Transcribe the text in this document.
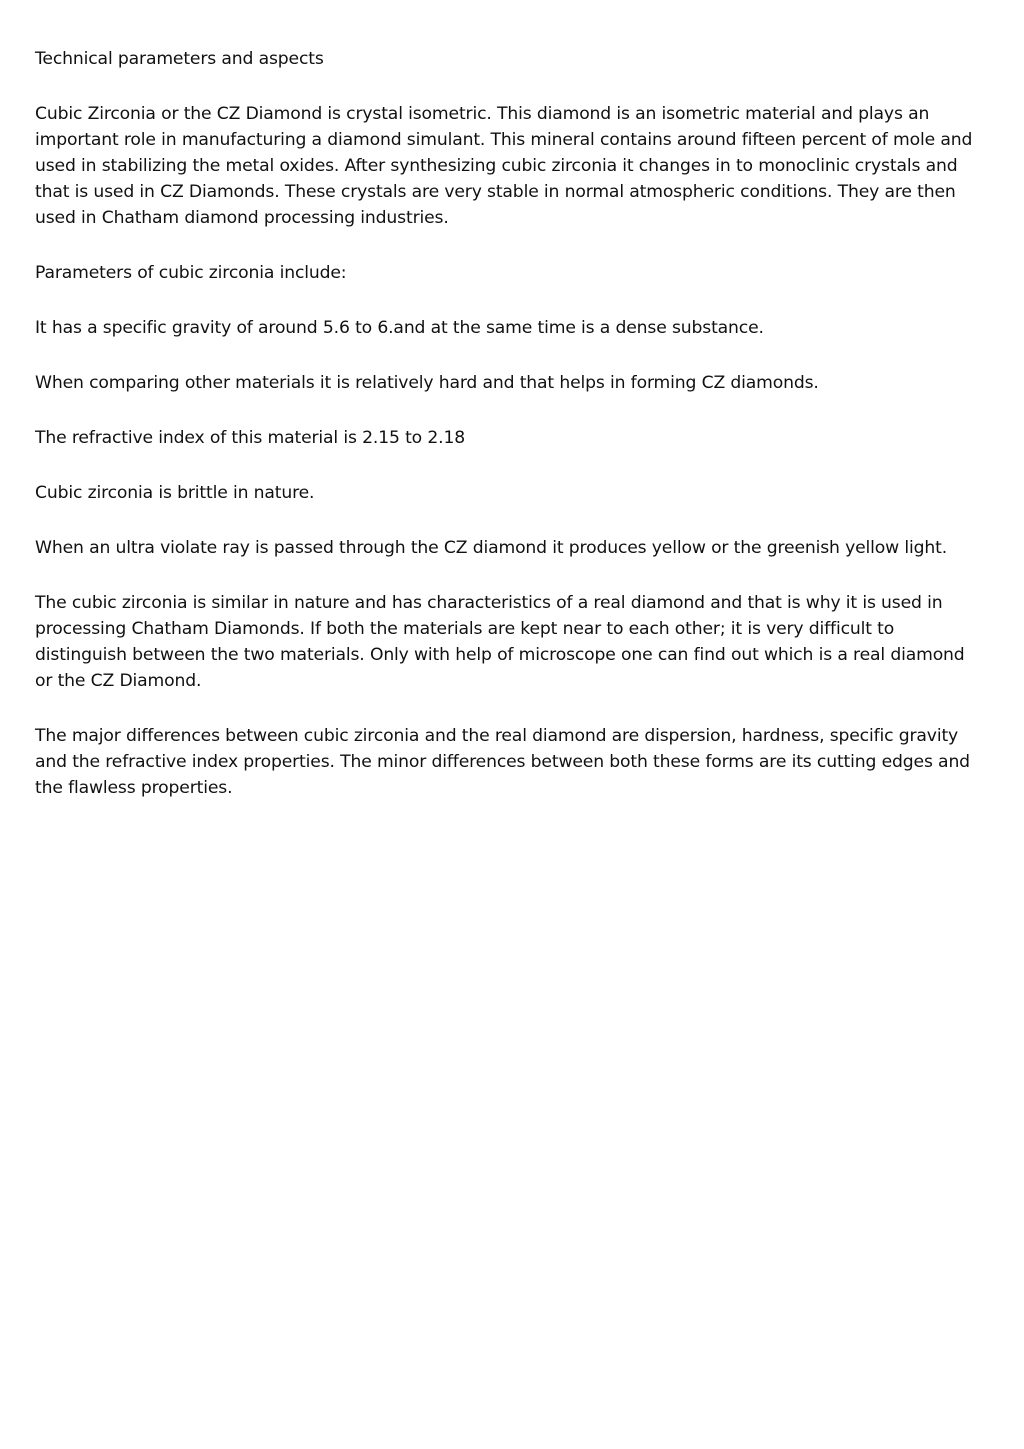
Technical parameters and aspects

Cubic Zirconia or the CZ Diamond is crystal isometric. This diamond is an isometric material and plays an important role in manufacturing a diamond simulant. This mineral contains around fifteen percent of mole and used in stabilizing the metal oxides. After synthesizing cubic zirconia it changes in to monoclinic crystals and that is used in CZ Diamonds. These crystals are very stable in normal atmospheric conditions. They are then used in Chatham diamond processing industries.

Parameters of cubic zirconia include:

It has a specific gravity of around 5.6 to 6.and at the same time is a dense substance.

When comparing other materials it is relatively hard and that helps in forming CZ diamonds.

The refractive index of this material is 2.15 to 2.18

Cubic zirconia is brittle in nature.

When an ultra violate ray is passed through the CZ diamond it produces yellow or the greenish yellow light.

The cubic zirconia is similar in nature and has characteristics of a real diamond and that is why it is used in processing Chatham Diamonds. If both the materials are kept near to each other; it is very difficult to distinguish between the two materials. Only with help of microscope one can find out which is a real diamond or the CZ Diamond.

The major differences between cubic zirconia and the real diamond are dispersion, hardness, specific gravity and the refractive index properties. The minor differences between both these forms are its cutting edges and the flawless properties.
